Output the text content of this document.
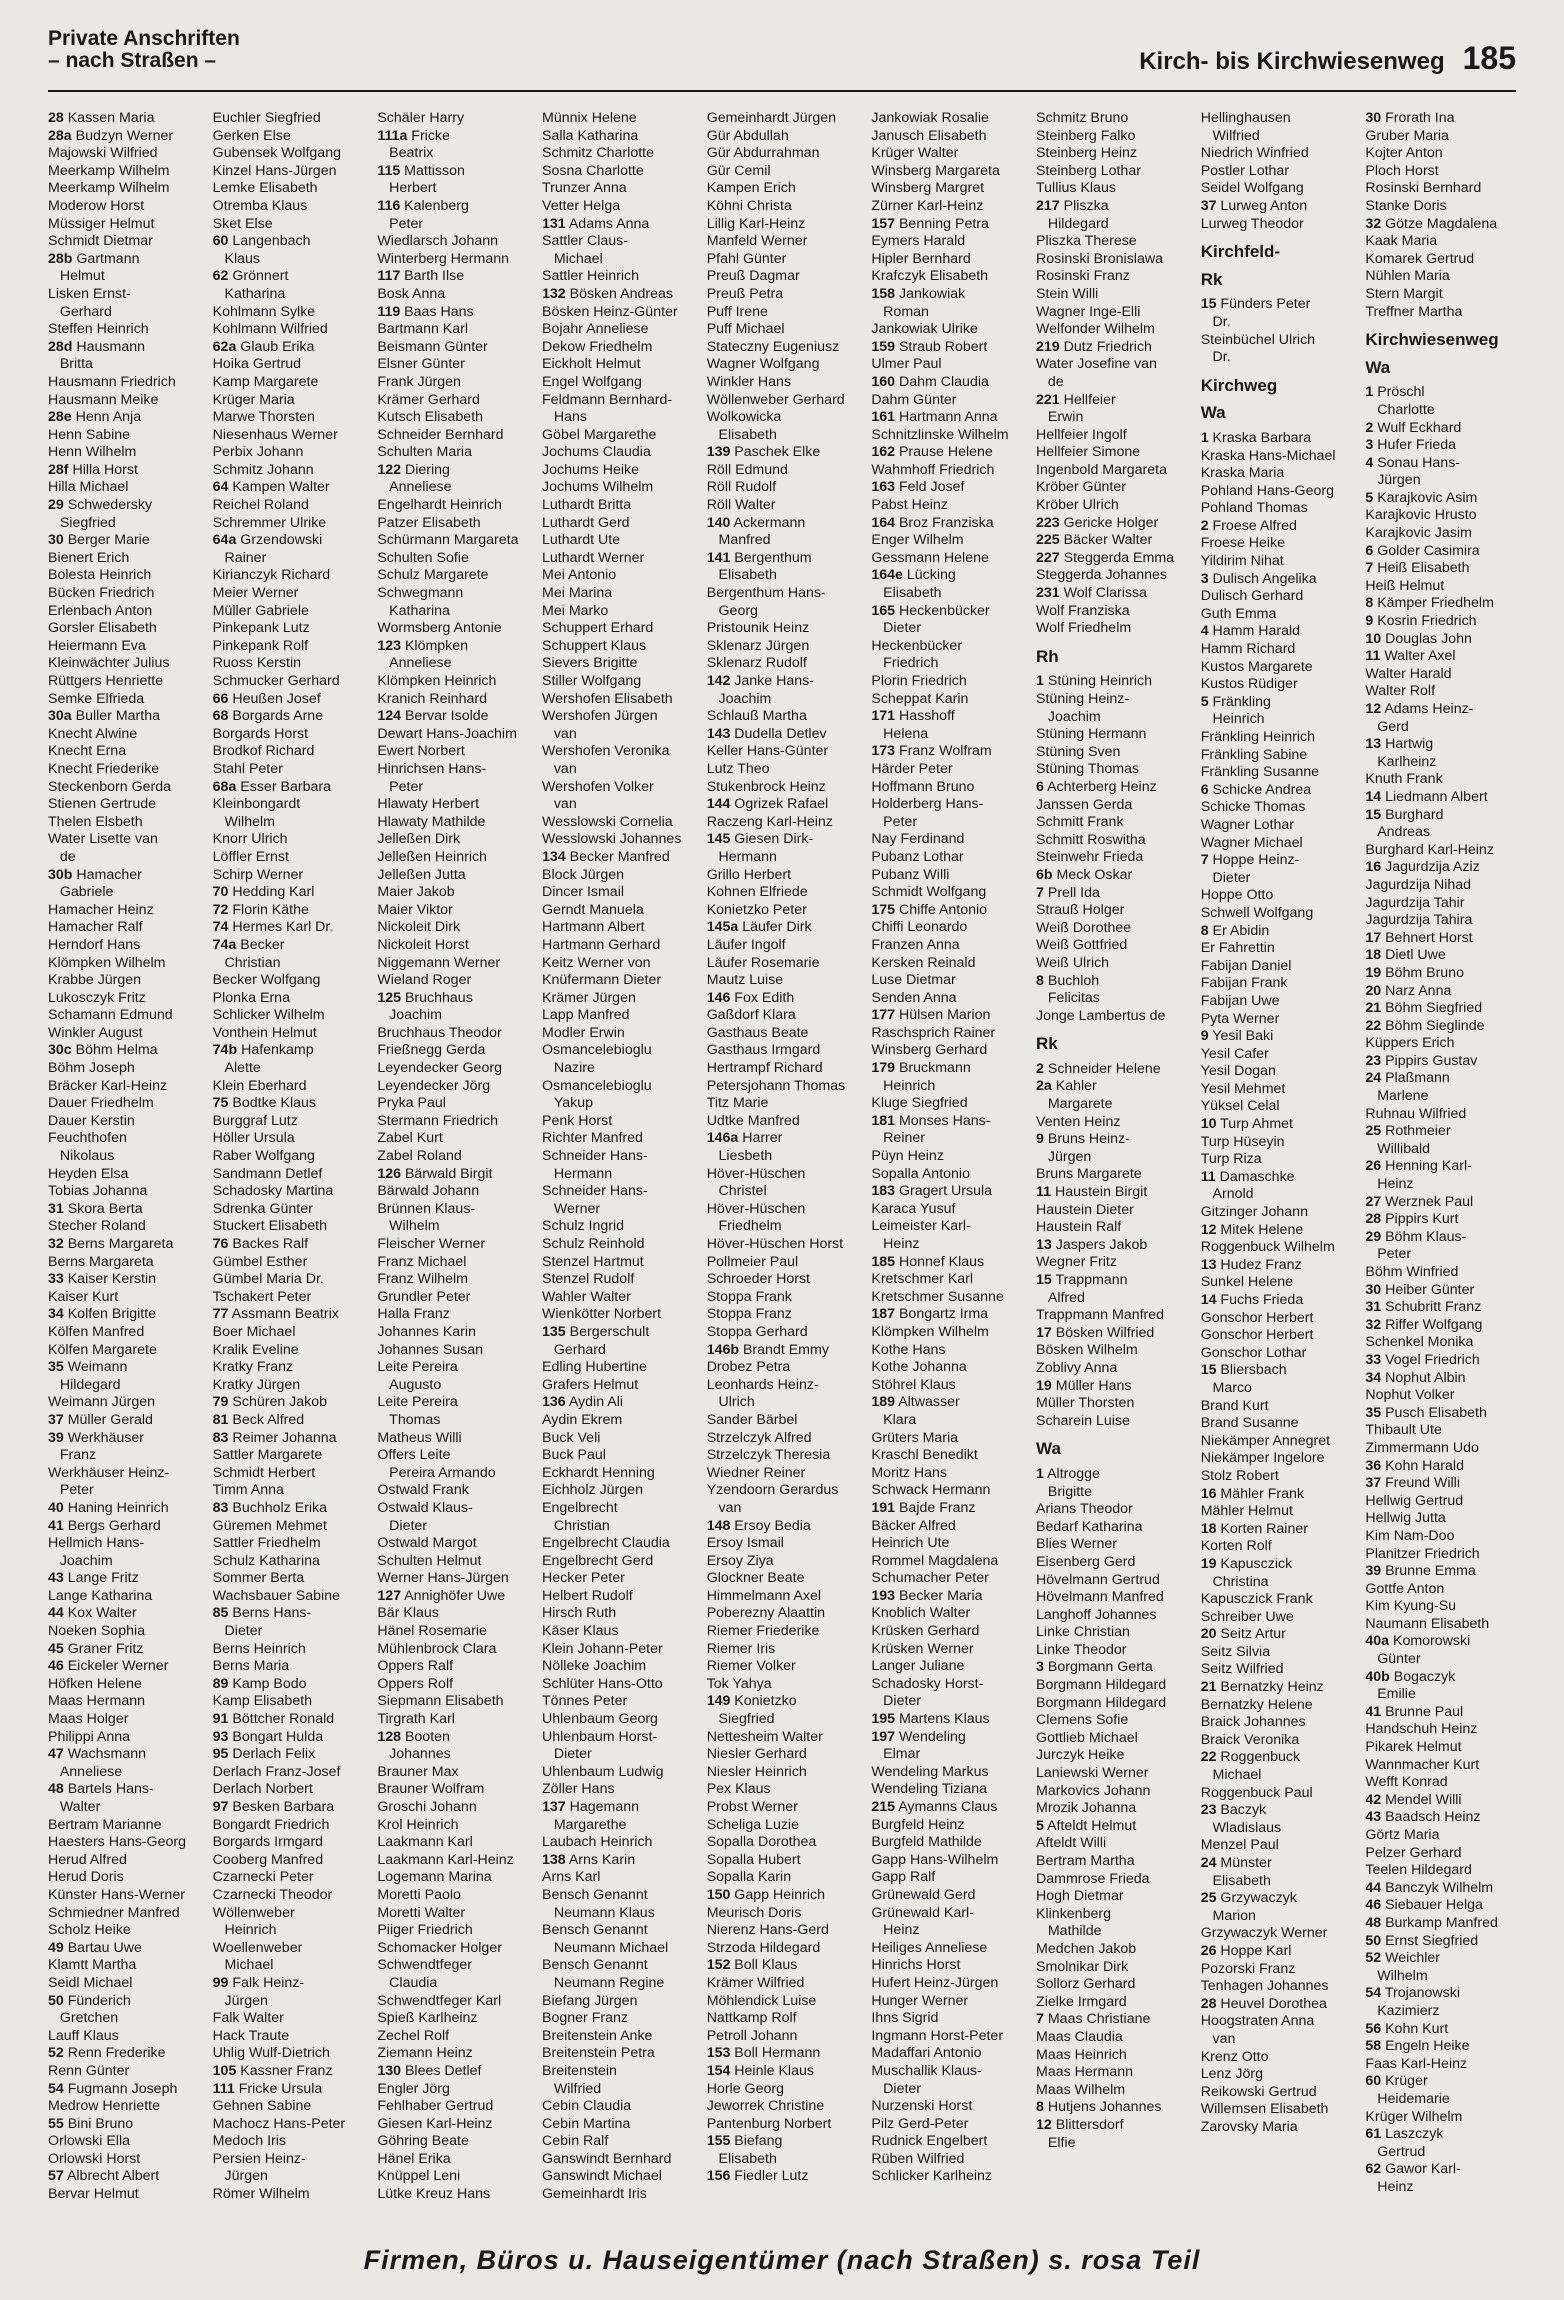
Private Anschriften
– nach Straßen –	Kirch- bis Kirchwiesenweg 185
28 Kassen Maria
28a Budzyn Werner
Majowski Wilfried
Meerkamp Wilhelm
Meerkamp Wilhelm
Moderow Horst
Müssiger Helmut
Schmidt Dietmar
28b Gartmann
Helmut
Lisken Ernst-
Gerhard
Steffen Heinrich
28d Hausmann
Britta
Hausmann Friedrich
Hausmann Meike
28e Henn Anja
Henn Sabine
Henn Wilhelm
28f Hilla Horst
Hilla Michael
29 Schwedersky
Siegfried
30 Berger Marie
Bienert Erich
Bolesta Heinrich
Bücken Friedrich
Erlenbach Anton
Gorsler Elisabeth
Heiermann Eva
Kleinwächter Julius
Rüttgers Henriette
Semke Elfrieda
30a Buller Martha
Knecht Alwine
Knecht Erna
Knecht Friederike
Steckenborn Gerda
Stienen Gertrude
Thelen Elsbeth
Water Lisette van
de
30b Hamacher
Gabriele
Hamacher Heinz
Hamacher Ralf
Herndorf Hans
Klömpken Wilhelm
Krabbe Jürgen
Lukosczyk Fritz
Schamann Edmund
Winkler August
30c Böhm Helma
Böhm Joseph
Bräcker Karl-Heinz
Dauer Friedhelm
Dauer Kerstin
Feuchthofen
Nikolaus
Heyden Elsa
Tobias Johanna
31 Skora Berta
Stecher Roland
32 Berns Margareta
Berns Margareta
33 Kaiser Kerstin
Kaiser Kurt
34 Kolfen Brigitte
Kölfen Manfred
Kölfen Margarete
35 Weimann
Hildegard
Weimann Jürgen
37 Müller Gerald
39 Werkhäuser
Franz
Werkhäuser Heinz-
Peter
40 Haning Heinrich
41 Bergs Gerhard
Hellmich Hans-
Joachim
43 Lange Fritz
Lange Katharina
44 Kox Walter
Noeken Sophia
45 Graner Fritz
46 Eickeler Werner
Höfken Helene
Maas Hermann
Maas Holger
Philippi Anna
47 Wachsmann
Anneliese
48 Bartels Hans-
Walter
Bertram Marianne
Haesters Hans-Georg
Herud Alfred
Herud Doris
Künster Hans-Werner
Schmiedner Manfred
Scholz Heike
49 Bartau Uwe
Klamtt Martha
Seidl Michael
50 Fünderich
Gretchen
Lauff Klaus
52 Renn Frederike
Renn Günter
54 Fugmann Joseph
Medrow Henriette
55 Bini Bruno
Orlowski Ella
Orlowski Horst
57 Albrecht Albert
Bervar Helmut
Euchler Siegfried
Gerken Else
Gubensek Wolfgang
Kinzel Hans-Jürgen
Lemke Elisabeth
Otremba Klaus
Sket Else
60 Langenbach
Klaus
62 Grönnert
Katharina
Kohlmann Sylke
Kohlmann Wilfried
62a Glaub Erika
Hoika Gertrud
Kamp Margarete
Krüger Maria
Marwe Thorsten
Niesenhaus Werner
Perbix Johann
Schmitz Johann
64 Kampen Walter
Reichel Roland
Schremmer Ulrike
64a Grzendowski
Rainer
Kirianczyk Richard
Meier Werner
Müller Gabriele
Pinkepank Lutz
Pinkepank Rolf
Ruoss Kerstin
Schmucker Gerhard
66 Heußen Josef
68 Borgards Arne
Borgards Horst
Brodkof Richard
Stahl Peter
68a Esser Barbara
Kleinbongardt
Wilhelm
Knorr Ulrich
Löffler Ernst
Schirp Werner
70 Hedding Karl
72 Florin Käthe
74 Hermes Karl Dr.
74a Becker
Christian
Becker Wolfgang
Plonka Erna
Schlicker Wilhelm
Vonthein Helmut
74b Hafenkamp
Alette
Klein Eberhard
75 Bodtke Klaus
Burggraf Lutz
Höller Ursula
Raber Wolfgang
Sandmann Detlef
Schadosky Martina
Sdrenka Günter
Stuckert Elisabeth
76 Backes Ralf
Gümbel Esther
Gümbel Maria Dr.
Tschakert Peter
77 Assmann Beatrix
Boer Michael
Kralik Eveline
Kratky Franz
Kratky Jürgen
79 Schüren Jakob
81 Beck Alfred
83 Reimer Johanna
Sattler Margarete
Schmidt Herbert
Timm Anna
83 Buchholz Erika
Güremen Mehmet
Sattler Friedhelm
Schulz Katharina
Sommer Berta
Wachsbauer Sabine
85 Berns Hans-
Dieter
Berns Heinrich
Berns Maria
89 Kamp Bodo
Kamp Elisabeth
91 Böttcher Ronald
93 Bongart Hulda
95 Derlach Felix
Derlach Franz-Josef
Derlach Norbert
97 Besken Barbara
Bongardt Friedrich
Borgards Irmgard
Cooberg Manfred
Czarnecki Peter
Czarnecki Theodor
Wöllenweber
Heinrich
Woellenweber
Michael
99 Falk Heinz-
Jürgen
Falk Walter
Hack Traute
Uhlig Wulf-Dietrich
105 Kassner Franz
111 Fricke Ursula
Gehnen Sabine
Machocz Hans-Peter
Medoch Iris
Persien Heinz-
Jürgen
Römer Wilhelm
Schäler Harry
111a Fricke
Beatrix
115 Mattisson
Herbert
116 Kalenberg
Peter
Wiedlarsch Johann
Winterberg Hermann
117 Barth Ilse
Bosk Anna
119 Baas Hans
Bartmann Karl
Beismann Günter
Elsner Günter
Frank Jürgen
Krämer Gerhard
Kutsch Elisabeth
Schneider Bernhard
Schulten Maria
122 Diering
Anneliese
Engelhardt Heinrich
Patzer Elisabeth
Schürmann Margareta
Schulten Sofie
Schulz Margarete
Schwegmann
Katharina
Wormsberg Antonie
123 Klömpken
Anneliese
Klömpken Heinrich
Kranich Reinhard
124 Bervar Isolde
Dewart Hans-Joachim
Ewert Norbert
Hinrichsen Hans-
Peter
Hlawaty Herbert
Hlawaty Mathilde
Jelleßen Dirk
Jelleßen Heinrich
Jelleßen Jutta
Maier Jakob
Maier Viktor
Nickoleit Dirk
Nickoleit Horst
Niggemann Werner
Wieland Roger
125 Bruchhaus
Joachim
Bruchhaus Theodor
Frießnegg Gerda
Leyendecker Georg
Leyendecker Jörg
Pryka Paul
Stermann Friedrich
Zabel Kurt
Zabel Roland
126 Bärwald Birgit
Bärwald Johann
Brünnen Klaus-
Wilhelm
Fleischer Werner
Franz Michael
Franz Wilhelm
Grundler Peter
Halla Franz
Johannes Karin
Johannes Susan
Leite Pereira
Augusto
Leite Pereira
Thomas
Matheus Willi
Offers Leite
Pereira Armando
Ostwald Frank
Ostwald Klaus-
Dieter
Ostwald Margot
Schulten Helmut
Werner Hans-Jürgen
127 Annighöfer Uwe
Bär Klaus
Hänel Rosemarie
Mühlenbrock Clara
Oppers Ralf
Oppers Rolf
Siepmann Elisabeth
Tirgrath Karl
128 Booten
Johannes
Brauner Max
Brauner Wolfram
Groschi Johann
Krol Heinrich
Laakmann Karl
Laakmann Karl-Heinz
Logemann Marina
Moretti Paolo
Moretti Walter
Piiger Friedrich
Schomacker Holger
Schwendtfeger
Claudia
Schwendtfeger Karl
Spieß Karlheinz
Zechel Rolf
Ziemann Heinz
130 Blees Detlef
Engler Jörg
Fehlhaber Gertrud
Giesen Karl-Heinz
Göhring Beate
Hänel Erika
Knüppel Leni
Lütke Kreuz Hans
Münnix Helene
Salla Katharina
Schmitz Charlotte
Sosna Charlotte
Trunzer Anna
Vetter Helga
131 Adams Anna
Sattler Claus-
Michael
Sattler Heinrich
132 Bösken Andreas
Bösken Heinz-Günter
Bojahr Anneliese
Dekow Friedhelm
Eickholt Helmut
Engel Wolfgang
Feldmann Bernhard-
Hans
Göbel Margarethe
Jochums Claudia
Jochums Heike
Jochums Wilhelm
Luthardt Britta
Luthardt Gerd
Luthardt Ute
Luthardt Werner
Mei Antonio
Mei Marina
Mei Marko
Schuppert Erhard
Schuppert Klaus
Sievers Brigitte
Stiller Wolfgang
Wershofen Elisabeth
Wershofen Jürgen
van
Wershofen Veronika
van
Wershofen Volker
van
Wesslowski Cornelia
Wesslowski Johannes
134 Becker Manfred
Block Jürgen
Dincer Ismail
Gerndt Manuela
Hartmann Albert
Hartmann Gerhard
Keitz Werner von
Knüfermann Dieter
Krämer Jürgen
Lapp Manfred
Modler Erwin
Osmancelebioglu
Nazire
Osmancelebioglu
Yakup
Penk Horst
Richter Manfred
Schneider Hans-
Hermann
Schneider Hans-
Werner
Schulz Ingrid
Schulz Reinhold
Stenzel Hartmut
Stenzel Rudolf
Wahler Walter
Wienkötter Norbert
135 Bergerschult
Gerhard
Edling Hubertine
Grafers Helmut
136 Aydin Ali
Aydin Ekrem
Buck Veli
Buck Paul
Eckhardt Henning
Eichholz Jürgen
Engelbrecht
Christian
Engelbrecht Claudia
Engelbrecht Gerd
Hecker Peter
Helbert Rudolf
Hirsch Ruth
Käser Klaus
Klein Johann-Peter
Nölleke Joachim
Schlüter Hans-Otto
Tönnes Peter
Uhlenbaum Georg
Uhlenbaum Horst-
Dieter
Uhlenbaum Ludwig
Zöller Hans
137 Hagemann
Margarethe
Laubach Heinrich
138 Arns Karin
Arns Karl
Bensch Genannt
Neumann Klaus
Bensch Genannt
Neumann Michael
Bensch Genannt
Neumann Regine
Biefang Jürgen
Bogner Franz
Breitenstein Anke
Breitenstein Petra
Breitenstein
Wilfried
Cebin Claudia
Cebin Martina
Cebin Ralf
Ganswindt Bernhard
Ganswindt Michael
Gemeinhardt Iris
Gemeinhardt Jürgen
Gür Abdullah
Gür Abdurrahman
Gür Cemil
Kampen Erich
Köhni Christa
Lillig Karl-Heinz
Manfeld Werner
Pfahl Günter
Preuß Dagmar
Preuß Petra
Puff Irene
Puff Michael
Stateczny Eugeniusz
Wagner Wolfgang
Winkler Hans
Wöllenweber Gerhard
Wolkowicka
Elisabeth
139 Paschek Elke
Röll Edmund
Röll Rudolf
Röll Walter
140 Ackermann
Manfred
141 Bergenthum
Elisabeth
Bergenthum Hans-
Georg
Pristounik Heinz
Sklenarz Jürgen
Sklenarz Rudolf
142 Janke Hans-
Joachim
Schlauß Martha
143 Dudella Detlev
Keller Hans-Günter
Lutz Theo
Stukenbrock Heinz
144 Ogrizek Rafael
Raczeng Karl-Heinz
145 Giesen Dirk-
Hermann
Grillo Herbert
Kohnen Elfriede
Konietzko Peter
145a Läufer Dirk
Läufer Ingolf
Läufer Rosemarie
Mautz Luise
146 Fox Edith
Gaßdorf Klara
Gasthaus Beate
Gasthaus Irmgard
Hertrampf Richard
Petersjohann Thomas
Titz Marie
Udtke Manfred
146a Harrer
Liesbeth
Höver-Hüschen
Christel
Höver-Hüschen
Friedhelm
Höver-Hüschen Horst
Pollmeier Paul
Schroeder Horst
Stoppa Frank
Stoppa Franz
Stoppa Gerhard
146b Brandt Emmy
Drobez Petra
Leonhards Heinz-
Ulrich
Sander Bärbel
Strzelczyk Alfred
Strzelczyk Theresia
Wiedner Reiner
Yzendoorn Gerardus
van
148 Ersoy Bedia
Ersoy Ismail
Ersoy Ziya
Glockner Beate
Himmelmann Axel
Poberezny Alaattin
Riemer Friederike
Riemer Iris
Riemer Volker
Tok Yahya
149 Konietzko
Siegfried
Nettesheim Walter
Niesler Gerhard
Niesler Heinrich
Pex Klaus
Probst Werner
Scheliga Luzie
Sopalla Dorothea
Sopalla Hubert
Sopalla Karin
150 Gapp Heinrich
Meurisch Doris
Nierenz Hans-Gerd
Strzoda Hildegard
152 Boll Klaus
Krämer Wilfried
Möhlendick Luise
Nattkamp Rolf
Petroll Johann
153 Boll Hermann
154 Heinle Klaus
Horle Georg
Jeworrek Christine
Pantenburg Norbert
155 Biefang
Elisabeth
156 Fiedler Lutz
Jankowiak Rosalie
Janusch Elisabeth
Krüger Walter
Winsberg Margareta
Winsberg Margret
Zürner Karl-Heinz
157 Benning Petra
Eymers Harald
Hipler Bernhard
Krafczyk Elisabeth
158 Jankowiak
Roman
Jankowiak Ulrike
159 Straub Robert
Ulmer Paul
160 Dahm Claudia
Dahm Günter
161 Hartmann Anna
Schnitzlinske Wilhelm
162 Prause Helene
Wahmhoff Friedrich
163 Feld Josef
Pabst Heinz
164 Broz Franziska
Enger Wilhelm
Gessmann Helene
164e Lücking
Elisabeth
165 Heckenbücker
Dieter
Heckenbücker
Friedrich
Plorin Friedrich
Scheppat Karin
171 Hasshoff
Helena
173 Franz Wolfram
Härder Peter
Hoffmann Bruno
Holderberg Hans-
Peter
Nay Ferdinand
Pubanz Lothar
Pubanz Willi
Schmidt Wolfgang
175 Chiffe Antonio
Chiffi Leonardo
Franzen Anna
Kersken Reinald
Luse Dietmar
Senden Anna
177 Hülsen Marion
Raschsprich Rainer
Winsberg Gerhard
179 Bruckmann
Heinrich
Kluge Siegfried
181 Monses Hans-
Reiner
Püyn Heinz
Sopalla Antonio
183 Gragert Ursula
Karaca Yusuf
Leimeister Karl-
Heinz
185 Honnef Klaus
Kretschmer Karl
Kretschmer Susanne
187 Bongartz Irma
Klömpken Wilhelm
Kothe Hans
Kothe Johanna
Stöhrel Klaus
189 Altwasser
Klara
Grüters Maria
Kraschl Benedikt
Moritz Hans
Schwack Hermann
191 Bajde Franz
Bäcker Alfred
Heinrich Ute
Rommel Magdalena
Schumacher Peter
193 Becker Maria
Knoblich Walter
Krüsken Gerhard
Krüsken Werner
Langer Juliane
Schadosky Horst-
Dieter
195 Martens Klaus
197 Wendeling
Elmar
Wendeling Markus
Wendeling Tiziana
215 Aymanns Claus
Burgfeld Heinz
Burgfeld Mathilde
Gapp Hans-Wilhelm
Gapp Ralf
Grünewald Gerd
Grünewald Karl-
Heinz
Heiliges Anneliese
Hinrichs Horst
Hufert Heinz-Jürgen
Hunger Werner
Ihns Sigrid
Ingmann Horst-Peter
Madaffari Antonio
Muschallik Klaus-
Dieter
Nurzenski Horst
Pilz Gerd-Peter
Rudnick Engelbert
Rüben Wilfried
Schlicker Karlheinz
Schmitz Bruno
Steinberg Falko
Steinberg Heinz
Steinberg Lothar
Tullius Klaus
217 Pliszka
Hildegard
Pliszka Therese
Rosinski Bronislawa
Rosinski Franz
Stein Willi
Wagner Inge-Elli
Welfonder Wilhelm
219 Dutz Friedrich
Water Josefine van
de
221 Hellfeier
Erwin
Hellfeier Ingolf
Hellfeier Simone
Ingenbold Margareta
Kröber Günter
Kröber Ulrich
223 Gericke Holger
225 Bäcker Walter
227 Steggerda Emma
Steggerda Johannes
231 Wolf Clarissa
Wolf Franziska
Wolf Friedhelm
Rh
1 Stüning Heinrich
Stüning Heinz-
Joachim
Stüning Hermann
Stüning Sven
Stüning Thomas
6 Achterberg Heinz
Janssen Gerda
Schmitt Frank
Schmitt Roswitha
Steinwehr Frieda
6b Meck Oskar
7 Prell Ida
Strauß Holger
Weiß Dorothee
Weiß Gottfried
Weiß Ulrich
8 Buchloh
Felicitas
Jonge Lambertus de
Rk
2 Schneider Helene
2a Kahler
Margarete
Venten Heinz
9 Bruns Heinz-
Jürgen
Bruns Margarete
11 Haustein Birgit
Haustein Dieter
Haustein Ralf
13 Jaspers Jakob
Wegner Fritz
15 Trappmann
Alfred
Trappmann Manfred
17 Bösken Wilfried
Bösken Wilhelm
Zoblivy Anna
19 Müller Hans
Müller Thorsten
Scharein Luise
Wa
1 Altrogge
Brigitte
Arians Theodor
Bedarf Katharina
Blies Werner
Eisenberg Gerd
Hövelmann Gertrud
Hövelmann Manfred
Langhoff Johannes
Linke Christian
Linke Theodor
3 Borgmann Gerta
Borgmann Hildegard
Borgmann Hildegard
Clemens Sofie
Gottlieb Michael
Jurczyk Heike
Laniewski Werner
Markovics Johann
Mrozik Johanna
5 Afteldt Helmut
Afteldt Willi
Bertram Martha
Dammrose Frieda
Hogh Dietmar
Klinkenberg
Mathilde
Medchen Jakob
Smolnikar Dirk
Sollorz Gerhard
Zielke Irmgard
7 Maas Christiane
Maas Claudia
Maas Heinrich
Maas Hermann
Maas Wilhelm
8 Hutjens Johannes
12 Blittersdorf
Elfie
Hellinghausen
Wilfried
Niedrich Winfried
Postler Lothar
Seidel Wolfgang
37 Lurweg Anton
Lurweg Theodor
Kirchfeld-
Rk
15 Fünders Peter
Dr.
Steinbüchel Ulrich
Dr.
Kirchweg
Wa
1 Kraska Barbara
Kraska Hans-Michael
Kraska Maria
Pohland Hans-Georg
Pohland Thomas
2 Froese Alfred
Froese Heike
Yildirim Nihat
3 Dulisch Angelika
Dulisch Gerhard
Guth Emma
4 Hamm Harald
Hamm Richard
Kustos Margarete
Kustos Rüdiger
5 Fränkling
Heinrich
Fränkling Heinrich
Fränkling Sabine
Fränkling Susanne
6 Schicke Andrea
Schicke Thomas
Wagner Lothar
Wagner Michael
7 Hoppe Heinz-
Dieter
Hoppe Otto
Schwell Wolfgang
8 Er Abidin
Er Fahrettin
Fabijan Daniel
Fabijan Frank
Fabijan Uwe
Pyta Werner
9 Yesil Baki
Yesil Cafer
Yesil Dogan
Yesil Mehmet
Yüksel Celal
10 Turp Ahmet
Turp Hüseyin
Turp Riza
11 Damaschke
Arnold
Gitzinger Johann
12 Mitek Helene
Roggenbuck Wilhelm
13 Hudez Franz
Sunkel Helene
14 Fuchs Frieda
Gonschor Herbert
Gonschor Herbert
Gonschor Lothar
15 Bliersbach
Marco
Brand Kurt
Brand Susanne
Niekämper Annegret
Niekämper Ingelore
Stolz Robert
16 Mähler Frank
Mähler Helmut
18 Korten Rainer
Korten Rolf
19 Kapusczick
Christina
Kapusczick Frank
Schreiber Uwe
20 Seitz Artur
Seitz Silvia
Seitz Wilfried
21 Bernatzky Heinz
Bernatzky Helene
Braick Johannes
Braick Veronika
22 Roggenbuck
Michael
Roggenbuck Paul
23 Baczyk
Wladislaus
Menzel Paul
24 Münster
Elisabeth
25 Grzywaczyk
Marion
Grzywaczyk Werner
26 Hoppe Karl
Pozorski Franz
Tenhagen Johannes
28 Heuvel Dorothea
Hoogstraten Anna
van
Krenz Otto
Lenz Jörg
Reikowski Gertrud
Willemsen Elisabeth
Zarovsky Maria
30 Frorath Ina
Gruber Maria
Kojter Anton
Ploch Horst
Rosinski Bernhard
Stanke Doris
32 Götze Magdalena
Kaak Maria
Komarek Gertrud
Nühlen Maria
Stern Margit
Treffner Martha
Kirchwiesenweg
Wa
1 Pröschl
Charlotte
2 Wulf Eckhard
3 Hufer Frieda
4 Sonau Hans-
Jürgen
5 Karajkovic Asim
Karajkovic Hrusto
Karajkovic Jasim
6 Golder Casimira
7 Heiß Elisabeth
Heiß Helmut
8 Kämper Friedhelm
9 Kosrin Friedrich
10 Douglas John
11 Walter Axel
Walter Harald
Walter Rolf
12 Adams Heinz-
Gerd
13 Hartwig
Karlheinz
Knuth Frank
14 Liedmann Albert
15 Burghard
Andreas
Burghard Karl-Heinz
16 Jagurdzija Aziz
Jagurdzija Nihad
Jagurdzija Tahir
Jagurdzija Tahira
17 Behnert Horst
18 Dietl Uwe
19 Böhm Bruno
20 Narz Anna
21 Böhm Siegfried
22 Böhm Sieglinde
Küppers Erich
23 Pippirs Gustav
24 Plaßmann
Marlene
Ruhnau Wilfried
25 Rothmeier
Willibald
26 Henning Karl-
Heinz
27 Werznek Paul
28 Pippirs Kurt
29 Böhm Klaus-
Peter
Böhm Winfried
30 Heiber Günter
31 Schubritt Franz
32 Riffer Wolfgang
Schenkel Monika
33 Vogel Friedrich
34 Nophut Albin
Nophut Volker
35 Pusch Elisabeth
Thibault Ute
Zimmermann Udo
36 Kohn Harald
37 Freund Willi
Hellwig Gertrud
Hellwig Jutta
Kim Nam-Doo
Planitzer Friedrich
39 Brunne Emma
Gottfe Anton
Kim Kyung-Su
Naumann Elisabeth
40a Komorowski
Günter
40b Bogaczyk
Emilie
41 Brunne Paul
Handschuh Heinz
Pikarek Helmut
Wannmacher Kurt
Wefft Konrad
42 Mendel Willi
43 Baadsch Heinz
Görtz Maria
Pelzer Gerhard
Teelen Hildegard
44 Banczyk Wilhelm
46 Siebauer Helga
48 Burkamp Manfred
50 Ernst Siegfried
52 Weichler
Wilhelm
54 Trojanowski
Kazimierz
56 Kohn Kurt
58 Engeln Heike
Faas Karl-Heinz
60 Krüger
Heidemarie
Krüger Wilhelm
61 Laszczyk
Gertrud
62 Gawor Karl-
Heinz
Firmen, Büros u. Hauseigentümer (nach Straßen) s. rosa Teil
